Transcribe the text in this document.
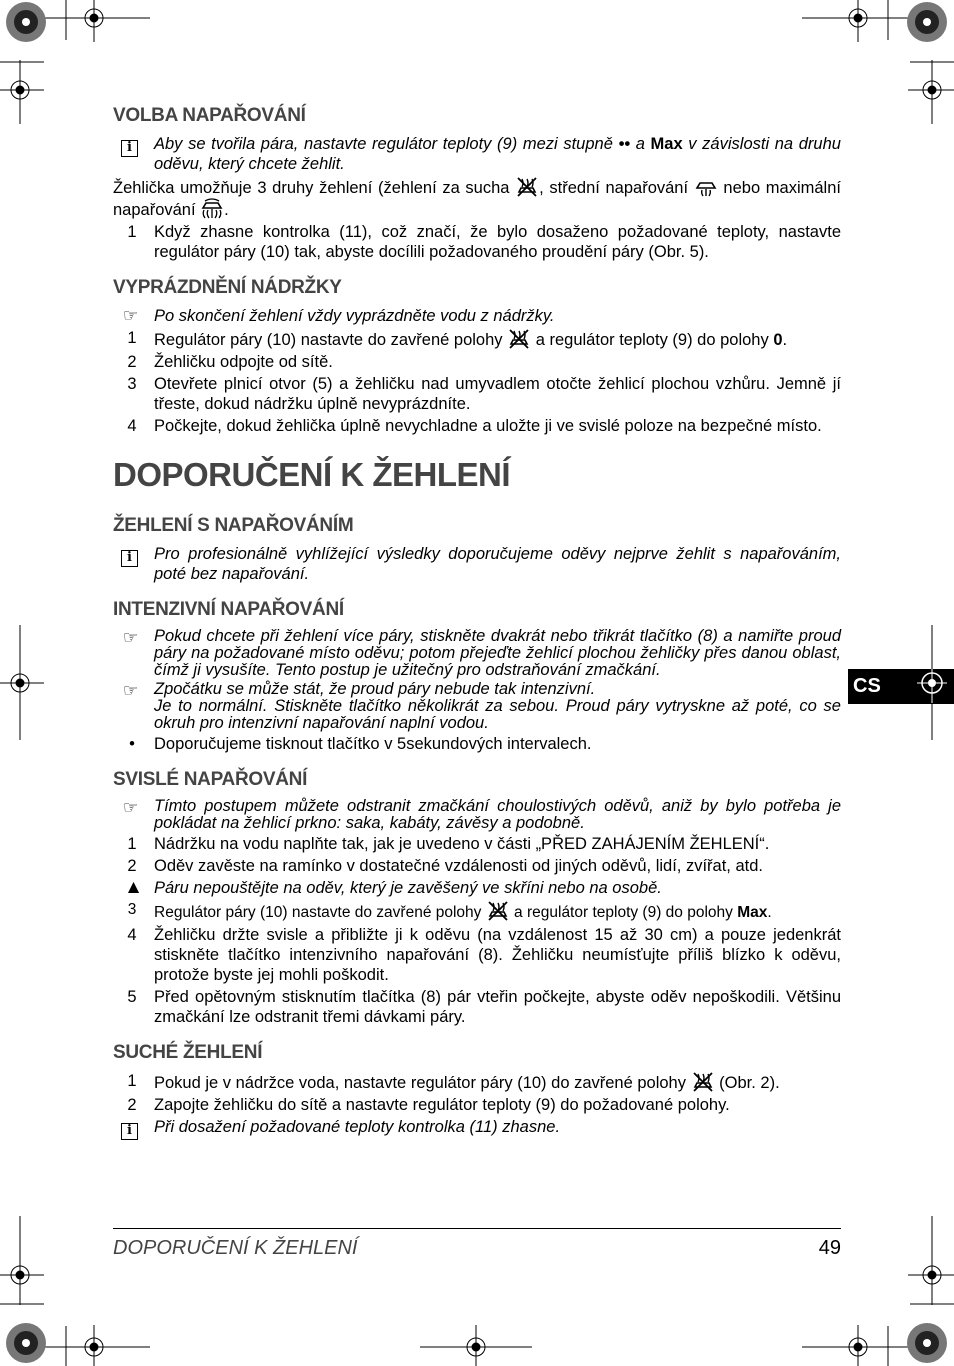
CS
VOLBA NAPAŘOVÁNÍ
i	Aby se tvořila pára, nastavte regulátor teploty (9) mezi stupně •• a Max v závislosti na druhu oděvu, který chcete žehlit.
Žehlička umožňuje 3 druhy žehlení (žehlení za sucha , střední napařování nebo maximální napařování .
1	Když zhasne kontrolka (11), což značí, že bylo dosaženo požadované teploty, nastavte regulátor páry (10) tak, abyste docílili požadovaného proudění páry (Obr. 5).
VYPRÁZDNĚNÍ NÁDRŽKY
☞ Po skončení žehlení vždy vyprázdněte vodu z nádržky.
1	Regulátor páry (10) nastavte do zavřené polohy a regulátor teploty (9) do polohy 0.
2	Žehličku odpojte od sítě.
3	Otevřete plnicí otvor (5) a žehličku nad umyvadlem otočte žehlicí plochou vzhůru. Jemně jí třeste, dokud nádržku úplně nevyprázdníte.
4	Počkejte, dokud žehlička úplně nevychladne a uložte ji ve svislé poloze na bezpečné místo.
DOPORUČENÍ K ŽEHLENÍ
ŽEHLENÍ S NAPAŘOVÁNÍM
i	Pro profesionálně vyhlížející výsledky doporučujeme oděvy nejprve žehlit s napařováním, poté bez napařování.
INTENZIVNÍ NAPAŘOVÁNÍ
☞ Pokud chcete při žehlení více páry, stiskněte dvakrát nebo třikrát tlačítko (8) a namiřte proud páry na požadované místo oděvu; potom přejeďte žehlicí plochou žehličky přes danou oblast, čímž ji vysušíte. Tento postup je užitečný pro odstraňování zmačkání.
☞ Zpočátku se může stát, že proud páry nebude tak intenzivní.
Je to normální. Stiskněte tlačítko několikrát za sebou. Proud páry vytryskne až poté, co se okruh pro intenzivní napařování naplní vodou.
•	Doporučujeme tisknout tlačítko v 5sekundových intervalech.
SVISLÉ NAPAŘOVÁNÍ
☞ Tímto postupem můžete odstranit zmačkání choulostivých oděvů, aniž by bylo potřeba je pokládat na žehlicí prkno: saka, kabáty, závěsy a podobně.
1	Nádržku na vodu naplňte tak, jak je uvedeno v části „PŘED ZAHÁJENÍM ŽEHLENÍ“.
2	Oděv zavěste na ramínko v dostatečné vzdálenosti od jiných oděvů, lidí, zvířat, atd.
▲ Páru nepouštějte na oděv, který je zavěšený ve skříni nebo na osobě.
3	Regulátor páry (10) nastavte do zavřené polohy a regulátor teploty (9) do polohy Max.
4	Žehličku držte svisle a přibližte ji k oděvu (na vzdálenost 15 až 30 cm) a pouze jedenkrát stiskněte tlačítko intenzivního napařování (8). Žehličku neumísťujte příliš blízko k oděvu, protože byste jej mohli poškodit.
5	Před opětovným stisknutím tlačítka (8) pár vteřin počkejte, abyste oděv nepoškodili. Většinu zmačkání lze odstranit třemi dávkami páry.
SUCHÉ ŽEHLENÍ
1	Pokud je v nádržce voda, nastavte regulátor páry (10) do zavřené polohy (Obr. 2).
2	Zapojte žehličku do sítě a nastavte regulátor teploty (9) do požadované polohy.
i	Při dosažení požadované teploty kontrolka (11) zhasne.
DOPORUČENÍ K ŽEHLENÍ	49
